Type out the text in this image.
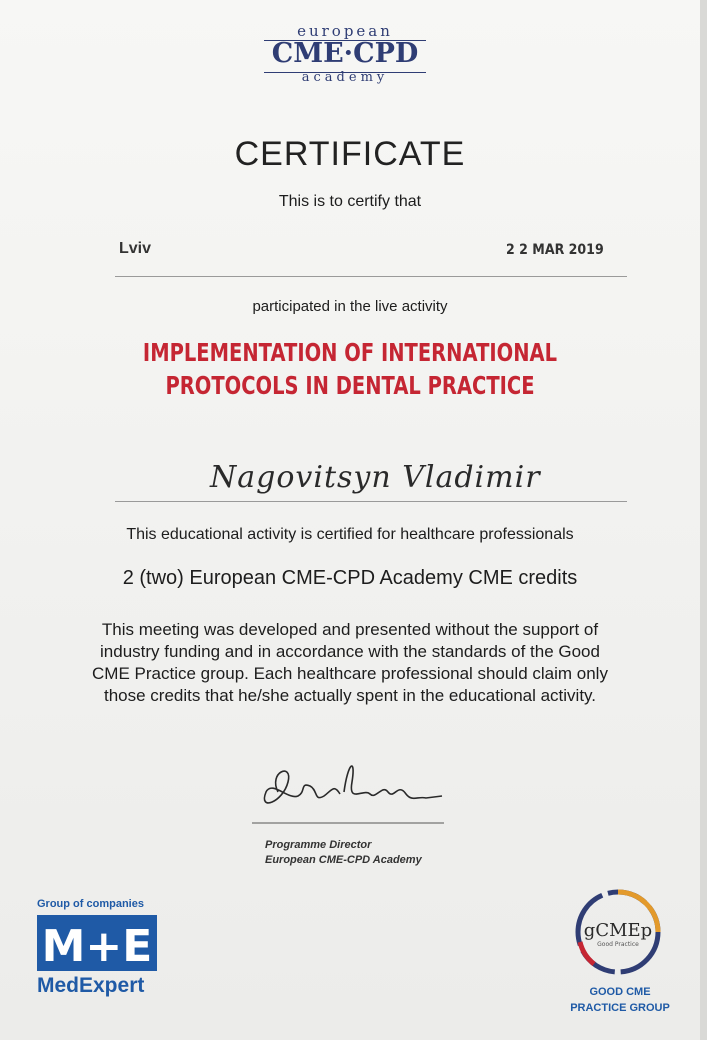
european
CME·CPD
academy
CERTIFICATE
This is to certify that
Lviv	2 2 MAR 2019
participated in the live activity
IMPLEMENTATION OF INTERNATIONAL
PROTOCOLS IN DENTAL PRACTICE
Nagovitsyn Vladimir
This educational activity is certified for healthcare professionals
2 (two) European CME-CPD Academy CME credits
This meeting was developed and presented without the support of
industry funding and in accordance with the standards of the Good
CME Practice group. Each healthcare professional should claim only
those credits that he/she actually spent in the educational activity.
Programme Director
European CME-CPD Academy
Group of companies
M+E
MedExpert
gCMEp
Good Practice
GOOD CME
PRACTICE GROUP
